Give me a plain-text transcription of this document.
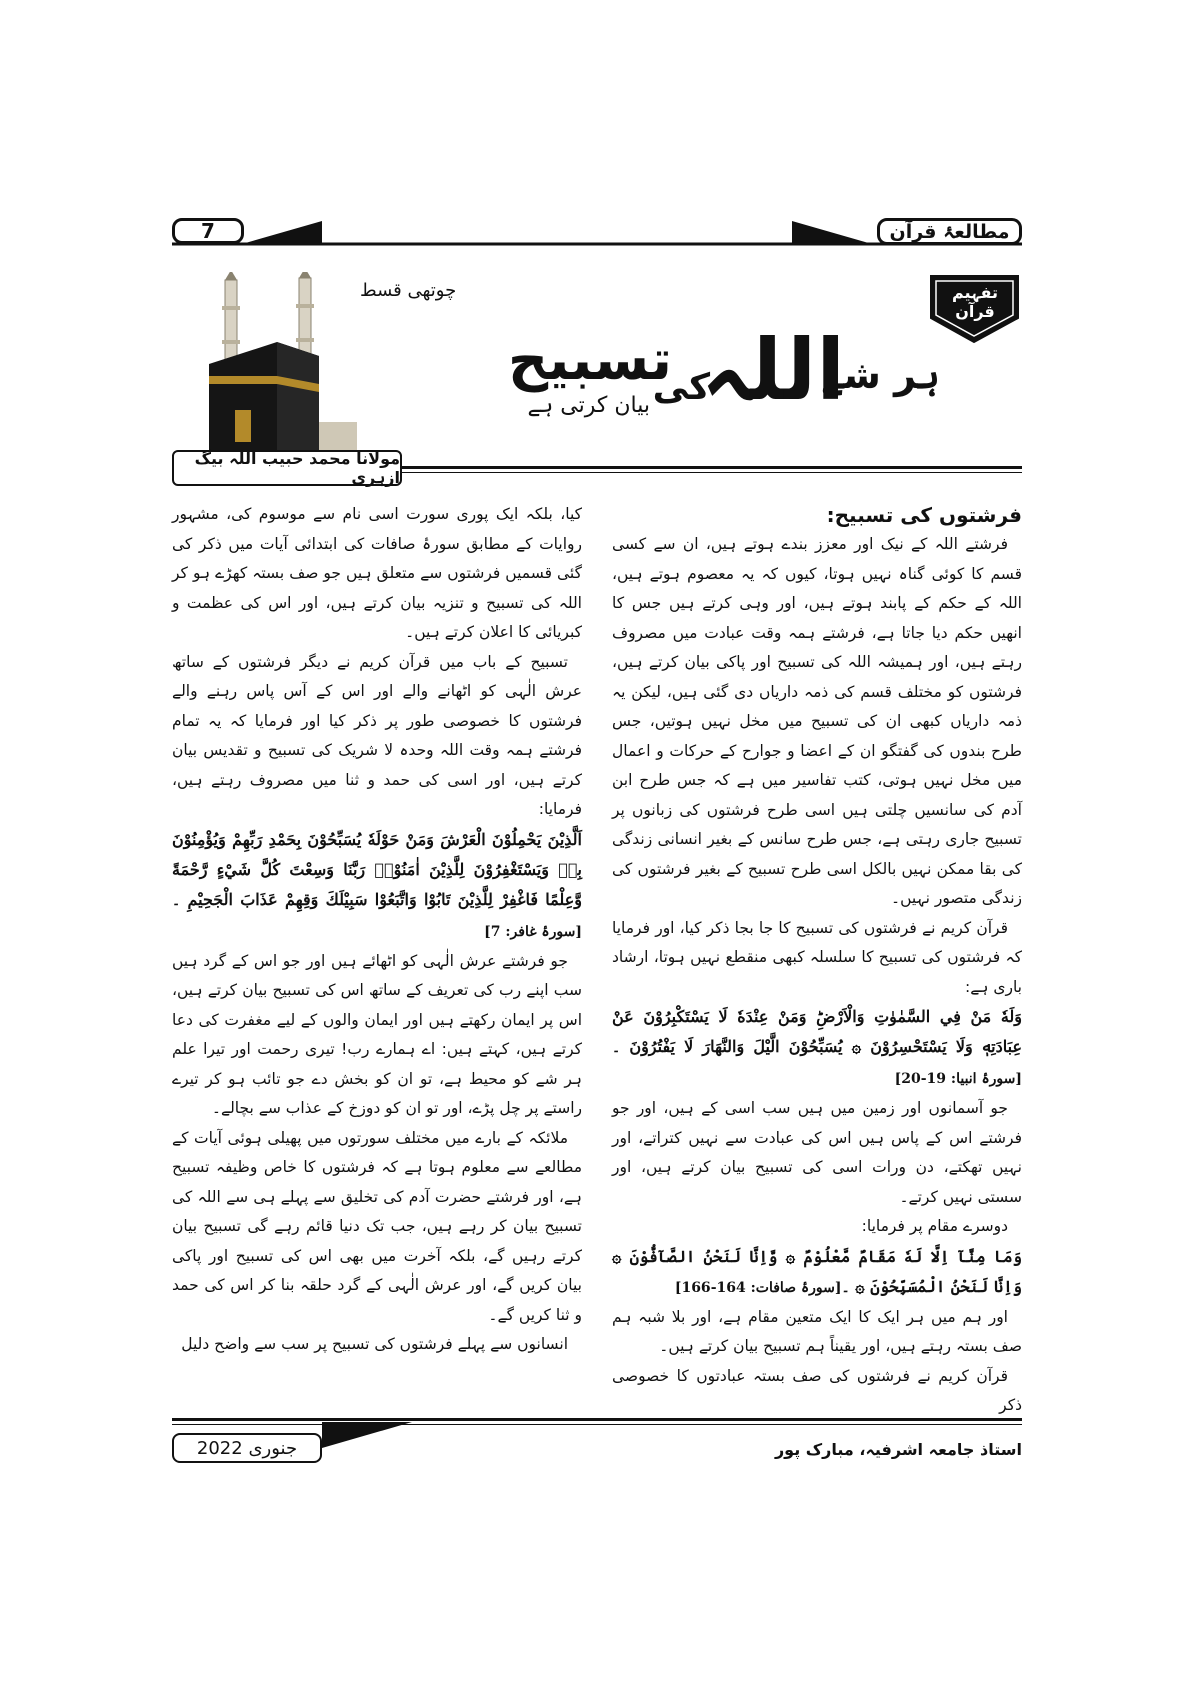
7	مطالعۂ قرآن
تفہیم قرآن
ہر شے
اللہ
کی
تسبیح
بیان کرتی ہے
چوتھی قسط
مولانا محمد حبیب اللہ بیگ ازہری
فرشتوں کی تسبیح:

فرشتے اللہ کے نیک اور معزز بندے ہوتے ہیں، ان سے کسی قسم کا کوئی گناہ نہیں ہوتا، کیوں کہ یہ معصوم ہوتے ہیں، اللہ کے حکم کے پابند ہوتے ہیں، اور وہی کرتے ہیں جس کا انھیں حکم دیا جاتا ہے، فرشتے ہمہ وقت عبادت میں مصروف رہتے ہیں، اور ہمیشہ اللہ کی تسبیح اور پاکی بیان کرتے ہیں، فرشتوں کو مختلف قسم کی ذمہ داریاں دی گئی ہیں، لیکن یہ ذمہ داریاں کبھی ان کی تسبیح میں مخل نہیں ہوتیں، جس طرح بندوں کی گفتگو ان کے اعضا و جوارح کے حرکات و اعمال میں مخل نہیں ہوتی، کتب تفاسیر میں ہے کہ جس طرح ابن آدم کی سانسیں چلتی ہیں اسی طرح فرشتوں کی زبانوں پر تسبیح جاری رہتی ہے، جس طرح سانس کے بغیر انسانی زندگی کی بقا ممکن نہیں بالکل اسی طرح تسبیح کے بغیر فرشتوں کی زندگی متصور نہیں۔

قرآن کریم نے فرشتوں کی تسبیح کا جا بجا ذکر کیا، اور فرمایا کہ فرشتوں کی تسبیح کا سلسلہ کبھی منقطع نہیں ہوتا، ارشاد باری ہے:

وَلَهٗ مَنْ فِي السَّمٰوٰتِ وَالْاَرْضِؕ وَمَنْ عِنْدَهٗ لَا يَسْتَكْبِرُوْنَ عَنْ عِبَادَتِهٖ وَلَا يَسْتَحْسِرُوْنَ ۞ يُسَبِّحُوْنَ الَّيْلَ وَالنَّهَارَ لَا يَفْتُرُوْنَ ۔[سورۂ انبیا: 19-20]

جو آسمانوں اور زمین میں ہیں سب اسی کے ہیں، اور جو فرشتے اس کے پاس ہیں اس کی عبادت سے نہیں کتراتے، اور نہیں تھکتے، دن ورات اسی کی تسبیح بیان کرتے ہیں، اور سستی نہیں کرتے۔

دوسرے مقام پر فرمایا:

وَمَا مِنَّآ اِلَّا لَهٗ مَقَامٌ مَّعْلُوْمٌ ۞ وَّاِنَّا لَنَحْنُ الصَّآفُّوْنَ ۞ وَاِنَّا لَنَحْنُ الْمُسَبِّحُوْنَ ۞ ۔[سورۂ صافات: 164-166]

اور ہم میں ہر ایک کا ایک متعین مقام ہے، اور بلا شبہ ہم صف بستہ رہتے ہیں، اور یقیناً ہم تسبیح بیان کرتے ہیں۔

قرآن کریم نے فرشتوں کی صف بستہ عبادتوں کا خصوصی ذکر

کیا، بلکہ ایک پوری سورت اسی نام سے موسوم کی، مشہور روایات کے مطابق سورۂ صافات کی ابتدائی آیات میں ذکر کی گئی قسمیں فرشتوں سے متعلق ہیں جو صف بستہ کھڑے ہو کر اللہ کی تسبیح و تنزیہ بیان کرتے ہیں، اور اس کی عظمت و کبریائی کا اعلان کرتے ہیں۔

تسبیح کے باب میں قرآن کریم نے دیگر فرشتوں کے ساتھ عرش الٰہی کو اٹھانے والے اور اس کے آس پاس رہنے والے فرشتوں کا خصوصی طور پر ذکر کیا اور فرمایا کہ یہ تمام فرشتے ہمہ وقت اللہ وحدہ لا شریک کی تسبیح و تقدیس بیان کرتے ہیں، اور اسی کی حمد و ثنا میں مصروف رہتے ہیں، فرمایا:

اَلَّذِيْنَ يَحْمِلُوْنَ الْعَرْشَ وَمَنْ حَوْلَهٗ يُسَبِّحُوْنَ بِحَمْدِ رَبِّهِمْ وَيُؤْمِنُوْنَ بِهٖ وَيَسْتَغْفِرُوْنَ لِلَّذِيْنَ اٰمَنُوْاۚ رَبَّنَا وَسِعْتَ كُلَّ شَيْءٍ رَّحْمَةً وَّعِلْمًا فَاغْفِرْ لِلَّذِيْنَ تَابُوْا وَاتَّبَعُوْا سَبِيْلَكَ وَقِهِمْ عَذَابَ الْجَحِيْمِ ۔[سورۂ غافر: 7]

جو فرشتے عرش الٰہی کو اٹھائے ہیں اور جو اس کے گرد ہیں سب اپنے رب کی تعریف کے ساتھ اس کی تسبیح بیان کرتے ہیں، اس پر ایمان رکھتے ہیں اور ایمان والوں کے لیے مغفرت کی دعا کرتے ہیں، کہتے ہیں: اے ہمارے رب! تیری رحمت اور تیرا علم ہر شے کو محیط ہے، تو ان کو بخش دے جو تائب ہو کر تیرے راستے پر چل پڑے، اور تو ان کو دوزخ کے عذاب سے بچالے۔

ملائکہ کے بارے میں مختلف سورتوں میں پھیلی ہوئی آیات کے مطالعے سے معلوم ہوتا ہے کہ فرشتوں کا خاص وظیفہ تسبیح ہے، اور فرشتے حضرت آدم کی تخلیق سے پہلے ہی سے اللہ کی تسبیح بیان کر رہے ہیں، جب تک دنیا قائم رہے گی تسبیح بیان کرتے رہیں گے، بلکہ آخرت میں بھی اس کی تسبیح اور پاکی بیان کریں گے، اور عرش الٰہی کے گرد حلقہ بنا کر اس کی حمد و ثنا کریں گے۔

انسانوں سے پہلے فرشتوں کی تسبیح پر سب سے واضح دلیل

جنوری 2022	استاذ جامعہ اشرفیہ، مبارک پور
